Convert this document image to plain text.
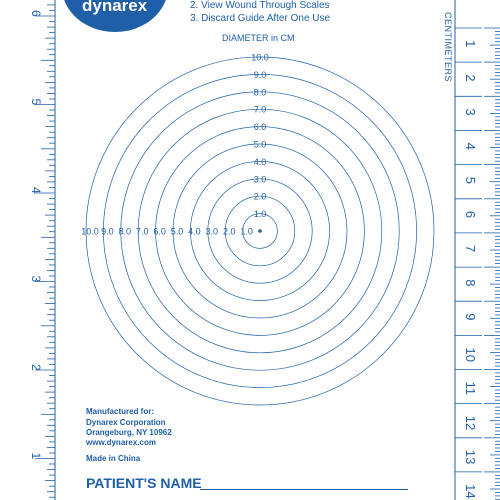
dynarex	2. View Wound Through Scales
3. Discard Guide After One Use
DIAMETER in CM
10.0
9.0
8.0
7.0
6.0
5.0
4.0
3.0
2.0
1.0
10.0 9.0 8.0 7.0 6.0 5.0 4.0 3.0 2.0 1.0
6
5
4
3
2
1
1
2
3
4
5
6
7
8
9
10
11
12
13
14
CENTIMETERS
Manufactured for:
Dynarex Corporation
Orangeburg, NY 10962
www.dynarex.com
Made in China
PATIENT'S NAME
